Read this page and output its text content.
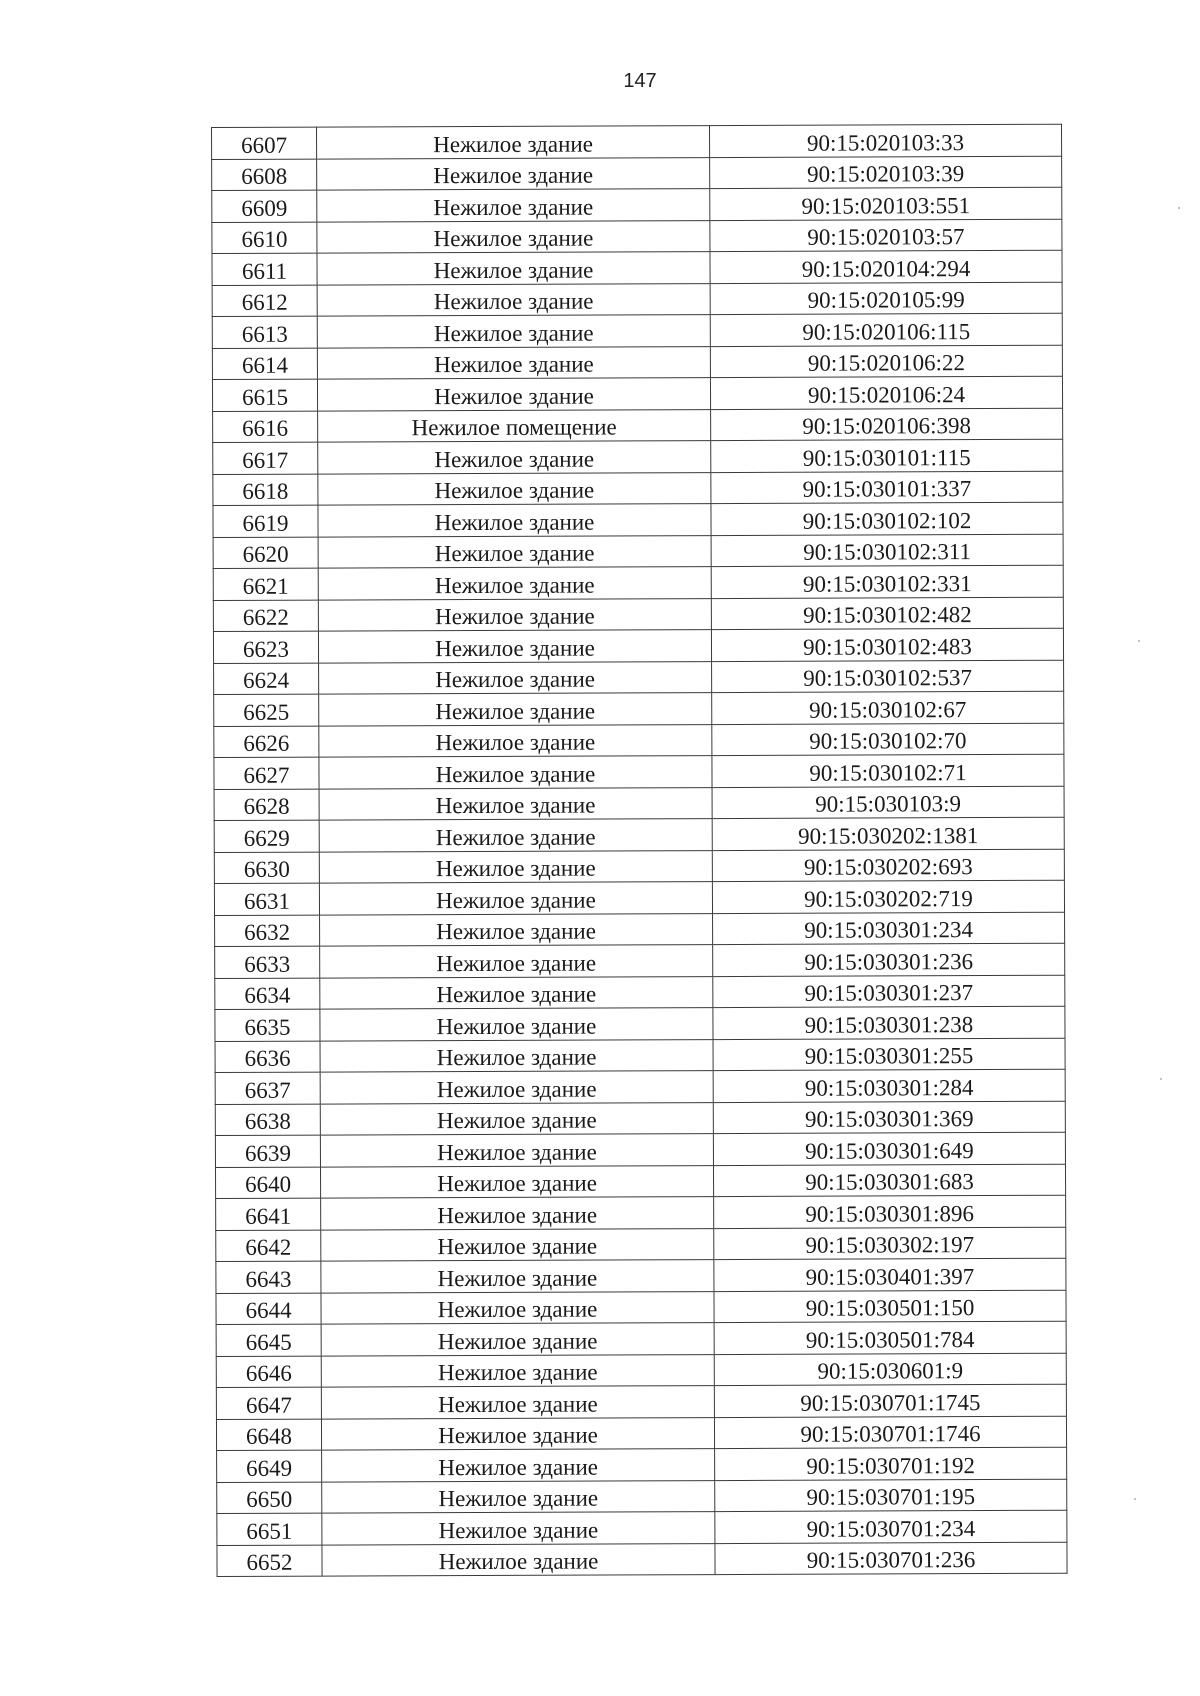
147
6607	Нежилое здание	90:15:020103:33
6608	Нежилое здание	90:15:020103:39
6609	Нежилое здание	90:15:020103:551
6610	Нежилое здание	90:15:020103:57
6611	Нежилое здание	90:15:020104:294
6612	Нежилое здание	90:15:020105:99
6613	Нежилое здание	90:15:020106:115
6614	Нежилое здание	90:15:020106:22
6615	Нежилое здание	90:15:020106:24
6616	Нежилое помещение	90:15:020106:398
6617	Нежилое здание	90:15:030101:115
6618	Нежилое здание	90:15:030101:337
6619	Нежилое здание	90:15:030102:102
6620	Нежилое здание	90:15:030102:311
6621	Нежилое здание	90:15:030102:331
6622	Нежилое здание	90:15:030102:482
6623	Нежилое здание	90:15:030102:483
6624	Нежилое здание	90:15:030102:537
6625	Нежилое здание	90:15:030102:67
6626	Нежилое здание	90:15:030102:70
6627	Нежилое здание	90:15:030102:71
6628	Нежилое здание	90:15:030103:9
6629	Нежилое здание	90:15:030202:1381
6630	Нежилое здание	90:15:030202:693
6631	Нежилое здание	90:15:030202:719
6632	Нежилое здание	90:15:030301:234
6633	Нежилое здание	90:15:030301:236
6634	Нежилое здание	90:15:030301:237
6635	Нежилое здание	90:15:030301:238
6636	Нежилое здание	90:15:030301:255
6637	Нежилое здание	90:15:030301:284
6638	Нежилое здание	90:15:030301:369
6639	Нежилое здание	90:15:030301:649
6640	Нежилое здание	90:15:030301:683
6641	Нежилое здание	90:15:030301:896
6642	Нежилое здание	90:15:030302:197
6643	Нежилое здание	90:15:030401:397
6644	Нежилое здание	90:15:030501:150
6645	Нежилое здание	90:15:030501:784
6646	Нежилое здание	90:15:030601:9
6647	Нежилое здание	90:15:030701:1745
6648	Нежилое здание	90:15:030701:1746
6649	Нежилое здание	90:15:030701:192
6650	Нежилое здание	90:15:030701:195
6651	Нежилое здание	90:15:030701:234
6652	Нежилое здание	90:15:030701:236
